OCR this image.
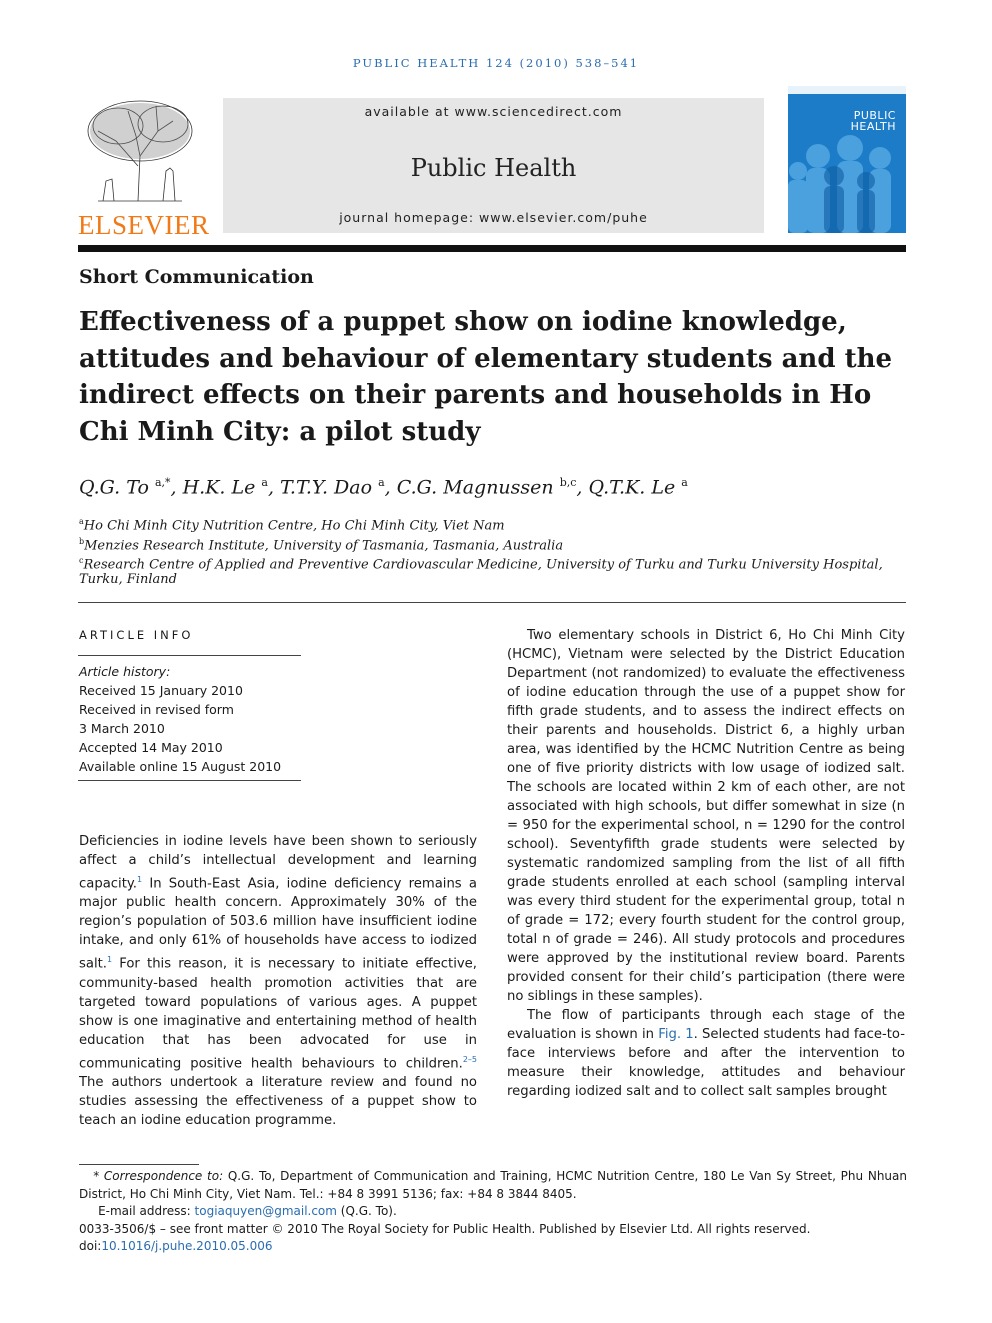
PUBLIC HEALTH 124 (2010) 538–541
ELSEVIER
available at www.sciencedirect.com
Public Health
journal homepage: www.elsevier.com/puhe
PUBLIC
HEALTH
Short Communication
Effectiveness of a puppet show on iodine knowledge, attitudes and behaviour of elementary students and the indirect effects on their parents and households in Ho Chi Minh City: a pilot study
Q.G. To $^{a,*}$, H.K. Le $^a$, T.T.Y. Dao $^a$, C.G. Magnussen $^{b,c}$, Q.T.K. Le $^a$
$^a$Ho Chi Minh City Nutrition Centre, Ho Chi Minh City, Viet Nam
$^b$Menzies Research Institute, University of Tasmania, Tasmania, Australia
$^c$Research Centre of Applied and Preventive Cardiovascular Medicine, University of Turku and Turku University Hospital,
Turku, Finland
ARTICLE INFO
Article history:
Received 15 January 2010
Received in revised form
3 March 2010
Accepted 14 May 2010
Available online 15 August 2010

Deficiencies in iodine levels have been shown to seriously affect a child’s intellectual development and learning capacity.$^1$ In South-East Asia, iodine deficiency remains a major public health concern. Approximately 30% of the region’s population of 503.6 million have insufficient iodine intake, and only 61% of households have access to iodized salt.$^1$ For this reason, it is necessary to initiate effective, community-based health promotion activities that are targeted toward populations of various ages. A puppet show is one imaginative and entertaining method of health education that has been advocated for use in communicating positive health behaviours to children.$^{2-5}$ The authors undertook a literature review and found no studies assessing the effectiveness of a puppet show to teach an iodine education programme.

Two elementary schools in District 6, Ho Chi Minh City (HCMC), Vietnam were selected by the District Education Department (not randomized) to evaluate the effectiveness of iodine education through the use of a puppet show for fifth grade students, and to assess the indirect effects on their parents and households. District 6, a highly urban area, was identified by the HCMC Nutrition Centre as being one of five priority districts with low usage of iodized salt. The schools are located within 2 km of each other, are not associated with high schools, but differ somewhat in size (n = 950 for the experimental school, n = 1290 for the control school). Seventyfifth grade students were selected by systematic randomized sampling from the list of all fifth grade students enrolled at each school (sampling interval was every third student for the experimental group, total n of grade = 172; every fourth student for the control group, total n of grade = 246). All study protocols and procedures were approved by the institutional review board. Parents provided consent for their child’s participation (there were no siblings in these samples).

The flow of participants through each stage of the evaluation is shown in Fig. 1. Selected students had face-to-face interviews before and after the intervention to measure their knowledge, attitudes and behaviour regarding iodized salt and to collect salt samples brought

* Correspondence to: Q.G. To, Department of Communication and Training, HCMC Nutrition Centre, 180 Le Van Sy Street, Phu Nhuan District, Ho Chi Minh City, Viet Nam. Tel.: +84 8 3991 5136; fax: +84 8 3844 8405.

E-mail address: togiaquyen@gmail.com (Q.G. To).

0033-3506/$ – see front matter © 2010 The Royal Society for Public Health. Published by Elsevier Ltd. All rights reserved.

doi:10.1016/j.puhe.2010.05.006
